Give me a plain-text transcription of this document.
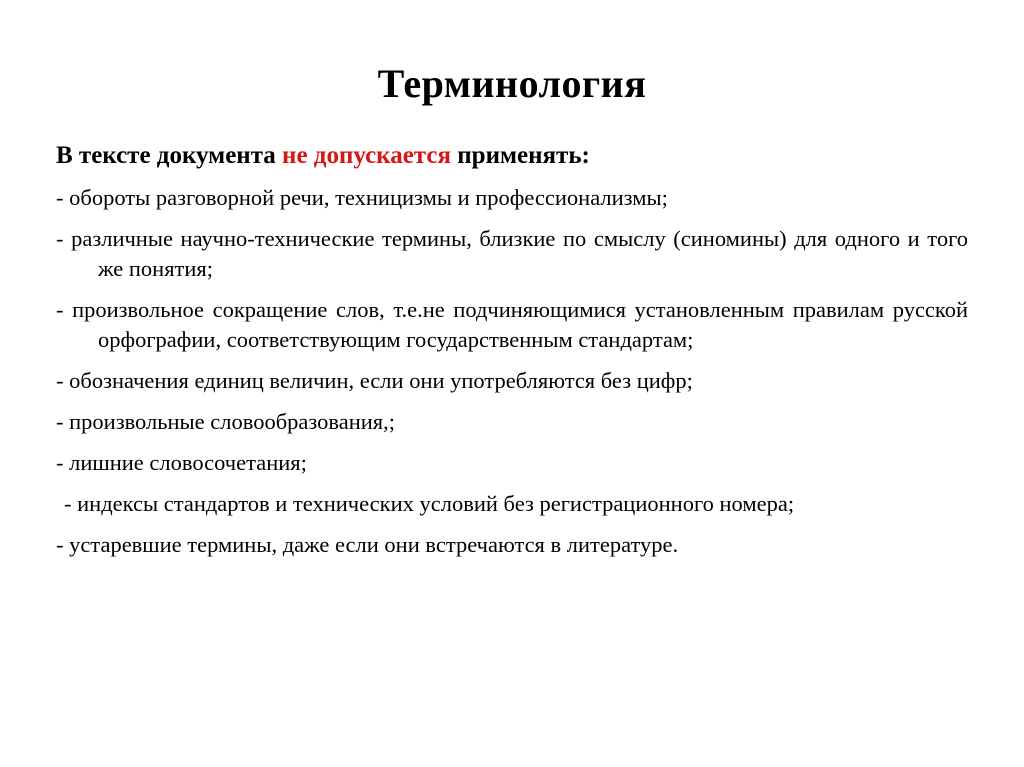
Терминология

В тексте документа не допускается применять:

- обороты разговорной речи, техницизмы и профессионализмы;
- различные научно-технические термины, близкие по смыслу (синомины) для одного и того же понятия;
- произвольное сокращение слов, т.е.не подчиняющимися установленным правилам русской орфографии, соответствующим государственным стандартам;
- обозначения единиц величин, если они употребляются без цифр;
- произвольные словообразования,;
- лишние словосочетания;
- индексы стандартов и технических условий без регистрационного номера;
- устаревшие термины, даже если они встречаются в литературе.
